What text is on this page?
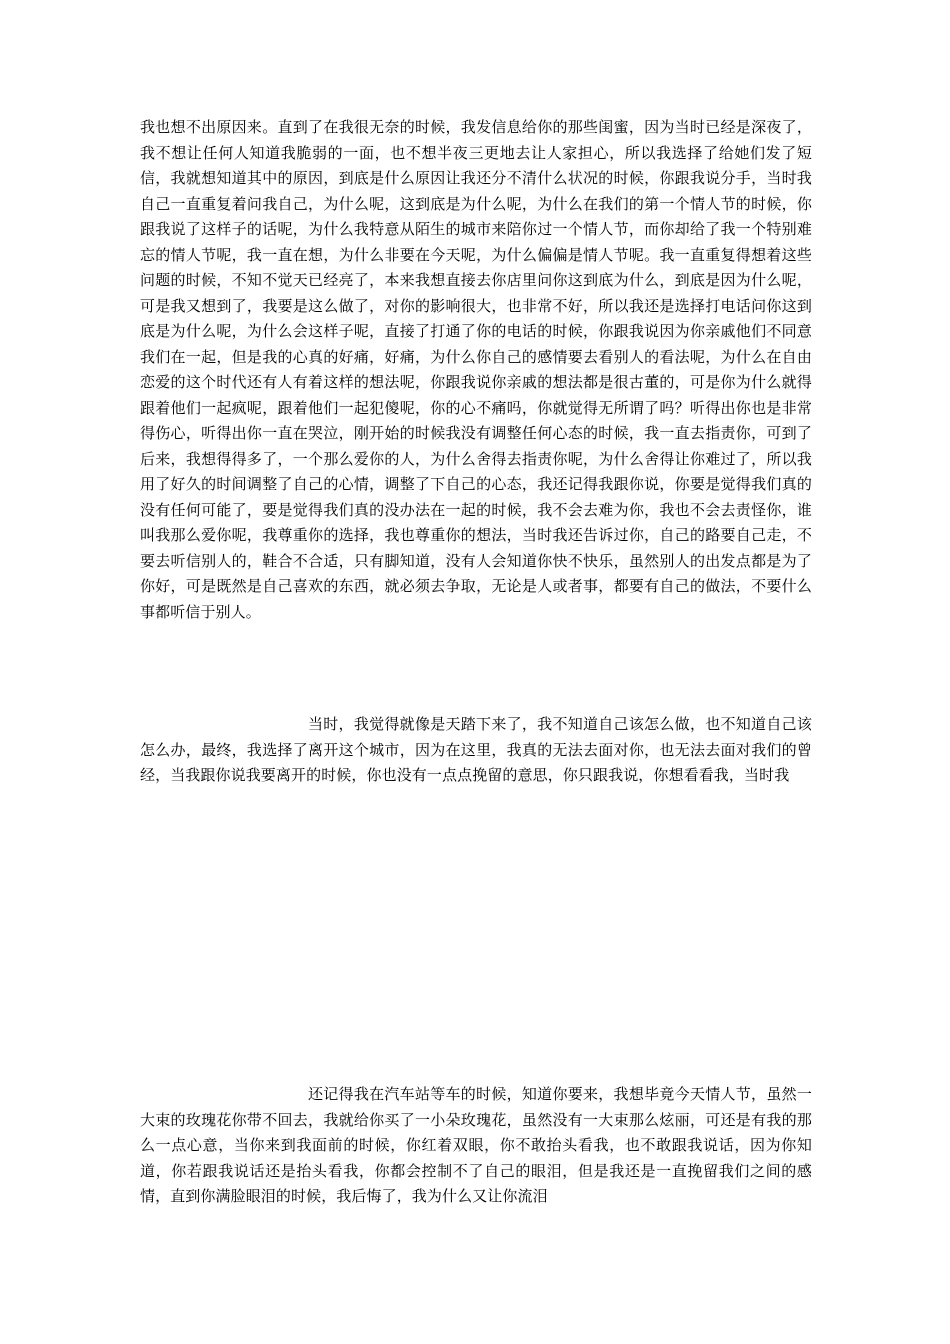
我也想不出原因来。直到了在我很无奈的时候，我发信息给你的那些闺蜜，因为当时已经是深夜了，我不想让任何人知道我脆弱的一面，也不想半夜三更地去让人家担心，所以我选择了给她们发了短信，我就想知道其中的原因，到底是什么原因让我还分不清什么状况的时候，你跟我说分手，当时我自己一直重复着问我自己，为什么呢，这到底是为什么呢，为什么在我们的第一个情人节的时候，你跟我说了这样子的话呢，为什么我特意从陌生的城市来陪你过一个情人节，而你却给了我一个特别难忘的情人节呢，我一直在想，为什么非要在今天呢，为什么偏偏是情人节呢。我一直重复得想着这些问题的时候，不知不觉天已经亮了，本来我想直接去你店里问你这到底为什么，到底是因为什么呢，可是我又想到了，我要是这么做了，对你的影响很大，也非常不好，所以我还是选择打电话问你这到底是为什么呢，为什么会这样子呢，直接了打通了你的电话的时候，你跟我说因为你亲戚他们不同意我们在一起，但是我的心真的好痛，好痛，为什么你自己的感情要去看别人的看法呢，为什么在自由恋爱的这个时代还有人有着这样的想法呢，你跟我说你亲戚的想法都是很古董的，可是你为什么就得跟着他们一起疯呢，跟着他们一起犯傻呢，你的心不痛吗，你就觉得无所谓了吗？听得出你也是非常得伤心，听得出你一直在哭泣，刚开始的时候我没有调整任何心态的时候，我一直去指责你，可到了后来，我想得得多了，一个那么爱你的人，为什么舍得去指责你呢，为什么舍得让你难过了，所以我用了好久的时间调整了自己的心情，调整了下自己的心态，我还记得我跟你说，你要是觉得我们真的没有任何可能了，要是觉得我们真的没办法在一起的时候，我不会去难为你，我也不会去责怪你，谁叫我那么爱你呢，我尊重你的选择，我也尊重你的想法，当时我还告诉过你，自己的路要自己走，不要去听信别人的，鞋合不合适，只有脚知道，没有人会知道你快不快乐，虽然别人的出发点都是为了你好，可是既然是自己喜欢的东西，就必须去争取，无论是人或者事，都要有自己的做法，不要什么事都听信于别人。

当时，我觉得就像是天踏下来了，我不知道自己该怎么做，也不知道自己该怎么办，最终，我选择了离开这个城市，因为在这里，我真的无法去面对你，也无法去面对我们的曾经，当我跟你说我要离开的时候，你也没有一点点挽留的意思，你只跟我说，你想看看我，当时我

还记得我在汽车站等车的时候，知道你要来，我想毕竟今天情人节，虽然一大束的玫瑰花你带不回去，我就给你买了一小朵玫瑰花，虽然没有一大束那么炫丽，可还是有我的那么一点心意，当你来到我面前的时候，你红着双眼，你不敢抬头看我，也不敢跟我说话，因为你知道，你若跟我说话还是抬头看我，你都会控制不了自己的眼泪，但是我还是一直挽留我们之间的感情，直到你满脸眼泪的时候，我后悔了，我为什么又让你流泪
